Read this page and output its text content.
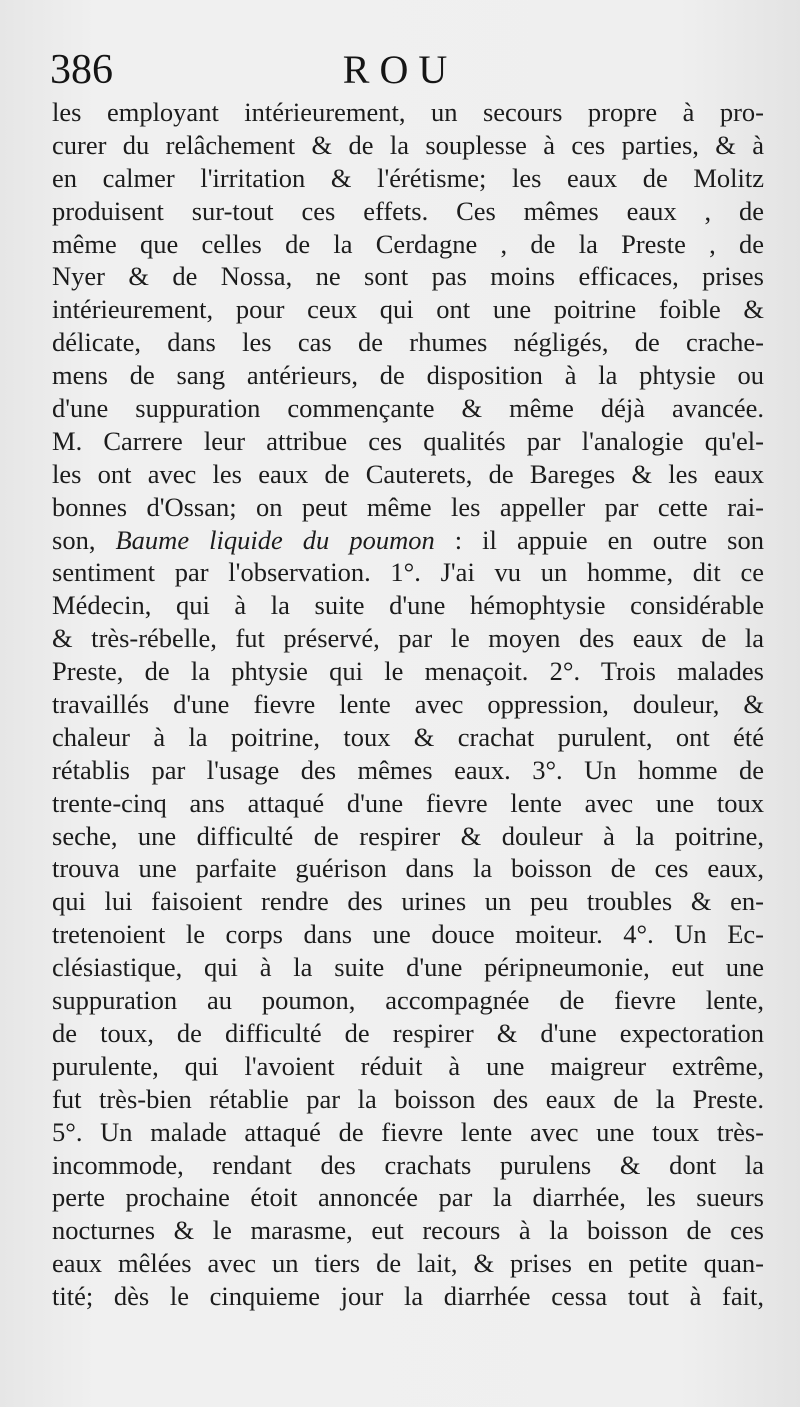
386	ROU
les employant intérieurement, un secours propre à pro-
curer du relâchement & de la souplesse à ces parties, & à
en calmer l'irritation & l'érétisme; les eaux de Molitz
produisent sur-tout ces effets. Ces mêmes eaux , de
même que celles de la Cerdagne , de la Preste , de
Nyer & de Nossa, ne sont pas moins efficaces, prises
intérieurement, pour ceux qui ont une poitrine foible &
délicate, dans les cas de rhumes négligés, de crache-
mens de sang antérieurs, de disposition à la phtysie ou
d'une suppuration commençante & même déjà avancée.
M. Carrere leur attribue ces qualités par l'analogie qu'el-
les ont avec les eaux de Cauterets, de Bareges & les eaux
bonnes d'Ossan; on peut même les appeller par cette rai-
son, Baume liquide du poumon : il appuie en outre son
sentiment par l'observation. 1°. J'ai vu un homme, dit ce
Médecin, qui à la suite d'une hémophtysie considérable
& très-rébelle, fut préservé, par le moyen des eaux de la
Preste, de la phtysie qui le menaçoit. 2°. Trois malades
travaillés d'une fievre lente avec oppression, douleur, &
chaleur à la poitrine, toux & crachat purulent, ont été
rétablis par l'usage des mêmes eaux. 3°. Un homme de
trente-cinq ans attaqué d'une fievre lente avec une toux
seche, une difficulté de respirer & douleur à la poitrine,
trouva une parfaite guérison dans la boisson de ces eaux,
qui lui faisoient rendre des urines un peu troubles & en-
tretenoient le corps dans une douce moiteur. 4°. Un Ec-
clésiastique, qui à la suite d'une péripneumonie, eut une
suppuration au poumon, accompagnée de fievre lente,
de toux, de difficulté de respirer & d'une expectoration
purulente, qui l'avoient réduit à une maigreur extrême,
fut très-bien rétablie par la boisson des eaux de la Preste.
5°. Un malade attaqué de fievre lente avec une toux très-
incommode, rendant des crachats purulens & dont la
perte prochaine étoit annoncée par la diarrhée, les sueurs
nocturnes & le marasme, eut recours à la boisson de ces
eaux mêlées avec un tiers de lait, & prises en petite quan-
tité; dès le cinquieme jour la diarrhée cessa tout à fait,
